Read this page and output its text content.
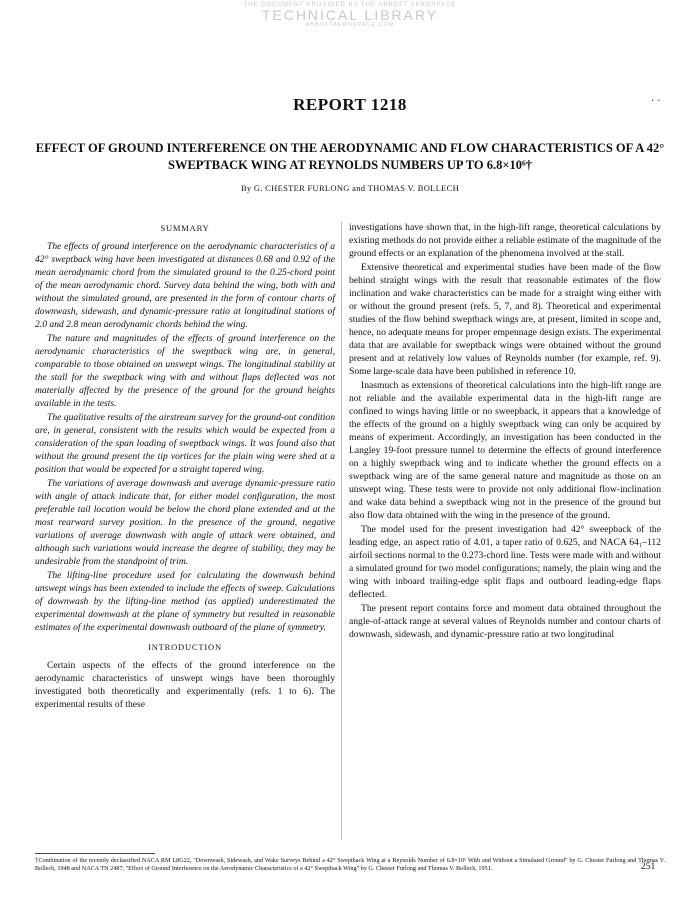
THE DOCUMENT PROVIDED BY THE ABBOTT AEROSPACE
TECHNICAL LIBRARY
ABBOTTAEROSPACE.COM
· ·
REPORT 1218
EFFECT OF GROUND INTERFERENCE ON THE AERODYNAMIC AND FLOW CHARACTERISTICS OF A 42° SWEPTBACK WING AT REYNOLDS NUMBERS UP TO 6.8×10⁶†
By G. CHESTER FURLONG and THOMAS V. BOLLECH
SUMMARY

The effects of ground interference on the aerodynamic characteristics of a 42° sweptback wing have been investigated at distances 0.68 and 0.92 of the mean aerodynamic chord from the simulated ground to the 0.25-chord point of the mean aerodynamic chord. Survey data behind the wing, both with and without the simulated ground, are presented in the form of contour charts of downwash, sidewash, and dynamic-pressure ratio at longitudinal stations of 2.0 and 2.8 mean aerodynamic chords behind the wing.

The nature and magnitudes of the effects of ground interference on the aerodynamic characteristics of the sweptback wing are, in general, comparable to those obtained on unswept wings. The longitudinal stability at the stall for the sweptback wing with and without flaps deflected was not materially affected by the presence of the ground for the ground heights available in the tests.

The qualitative results of the airstream survey for the ground-out condition are, in general, consistent with the results which would be expected from a consideration of the span loading of sweptback wings. It was found also that without the ground present the tip vortices for the plain wing were shed at a position that would be expected for a straight tapered wing.

The variations of average downwash and average dynamic-pressure ratio with angle of attack indicate that, for either model configuration, the most preferable tail location would be below the chord plane extended and at the most rearward survey position. In the presence of the ground, negative variations of average downwash with angle of attack were obtained, and although such variations would increase the degree of stability, they may be undesirable from the standpoint of trim.

The lifting-line procedure used for calculating the downwash behind unswept wings has been extended to include the effects of sweep. Calculations of downwash by the lifting-line method (as applied) underestimated the experimental downwash at the plane of symmetry but resulted in reasonable estimates of the experimental downwash outboard of the plane of symmetry.

INTRODUCTION

Certain aspects of the effects of the ground interference on the aerodynamic characteristics of unswept wings have been thoroughly investigated both theoretically and experimentally (refs. 1 to 6). The experimental results of these

investigations have shown that, in the high-lift range, theoretical calculations by existing methods do not provide either a reliable estimate of the magnitude of the ground effects or an explanation of the phenomena involved at the stall.

Extensive theoretical and experimental studies have been made of the flow behind straight wings with the result that reasonable estimates of the flow inclination and wake characteristics can be made for a straight wing either with or without the ground present (refs. 5, 7, and 8). Theoretical and experimental studies of the flow behind sweptback wings are, at present, limited in scope and, hence, no adequate means for proper empennage design exists. The experimental data that are available for sweptback wings were obtained without the ground present and at relatively low values of Reynolds number (for example, ref. 9). Some large-scale data have been published in reference 10.

Inasmuch as extensions of theoretical calculations into the high-lift range are not reliable and the available experimental data in the high-lift range are confined to wings having little or no sweepback, it appears that a knowledge of the effects of the ground on a highly sweptback wing can only be acquired by means of experiment. Accordingly, an investigation has been conducted in the Langley 19-foot pressure tunnel to determine the effects of ground interference on a highly sweptback wing and to indicate whether the ground effects on a sweptback wing are of the same general nature and magnitude as those on an unswept wing. These tests were to provide not only additional flow-inclination and wake data behind a sweptback wing not in the presence of the ground but also flow data obtained with the wing in the presence of the ground.

The model used for the present investigation had 42° sweepback of the leading edge, an aspect ratio of 4.01, a taper ratio of 0.625, and NACA 64₁–112 airfoil sections normal to the 0.273-chord line. Tests were made with and without a simulated ground for two model configurations; namely, the plain wing and the wing with inboard trailing-edge split flaps and outboard leading-edge flaps deflected.

The present report contains force and moment data obtained throughout the angle-of-attack range at several values of Reynolds number and contour charts of downwash, sidewash, and dynamic-pressure ratio at two longitudinal

†Combination of the recently declassified NACA RM L8G22, "Downwash, Sidewash, and Wake Surveys Behind a 42° Sweptback Wing at a Reynolds Number of 6.8×10⁶ With and Without a Simulated Ground" by G. Chester Furlong and Thomas V. Bollech, 1948 and NACA TN 2487, "Effect of Ground Interference on the Aerodynamic Characteristics of a 42° Sweptback Wing" by G. Chester Furlong and Thomas V. Bollech, 1951.	251
